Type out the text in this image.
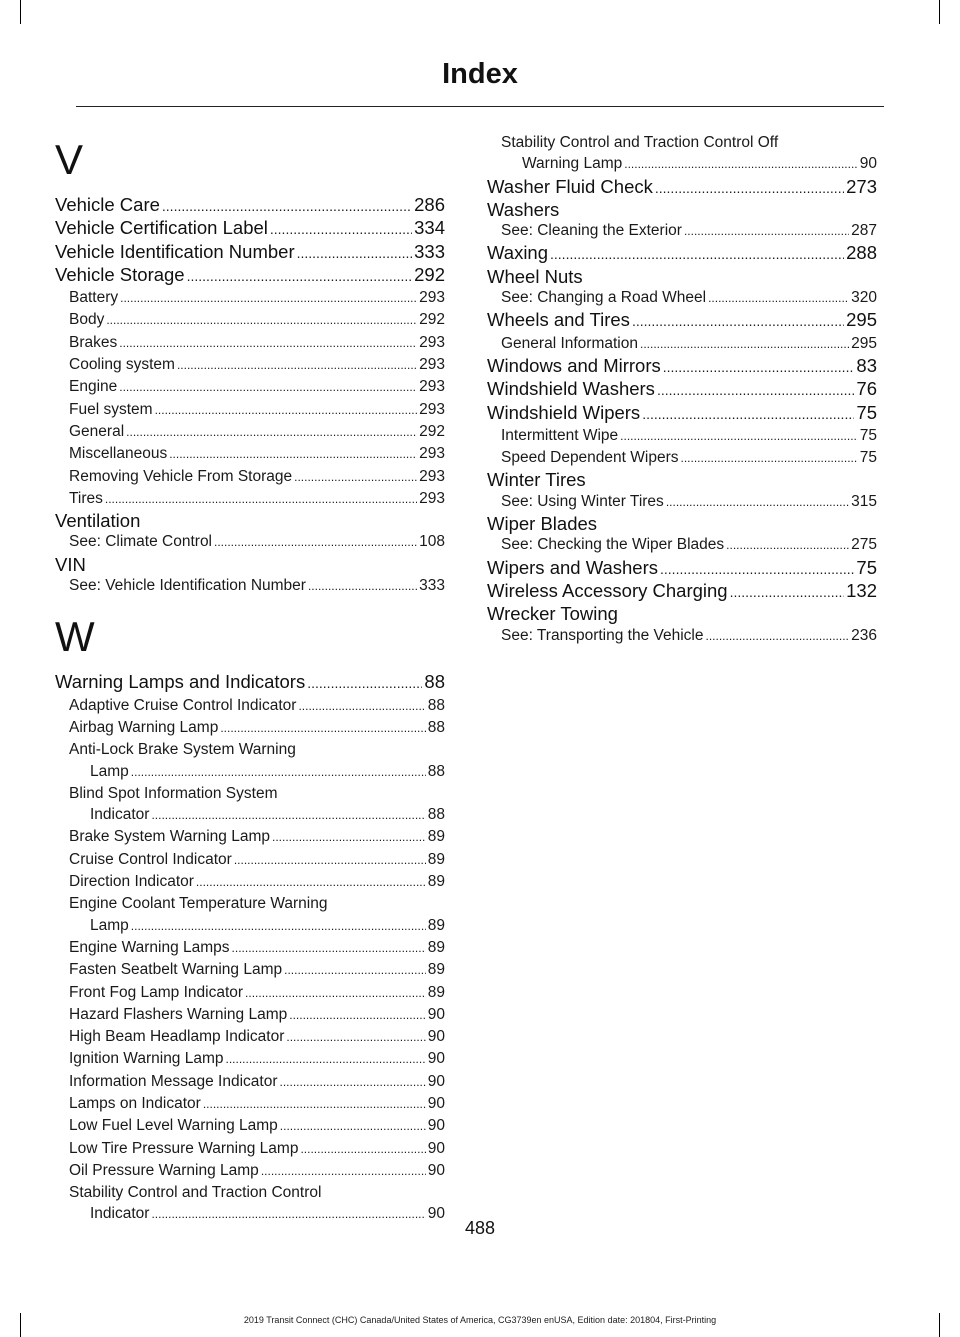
Index
V
Vehicle Care .....	286
Vehicle Certification Label .....	334
Vehicle Identification Number .....	333
Vehicle Storage .....	292
Battery .....	293
Body .....	292
Brakes .....	293
Cooling system .....	293
Engine .....	293
Fuel system .....	293
General .....	292
Miscellaneous .....	293
Removing Vehicle From Storage .....	293
Tires .....	293
Ventilation
See: Climate Control .....	108
VIN
See: Vehicle Identification Number .....	333
W
Warning Lamps and Indicators .....	88
Adaptive Cruise Control Indicator .....	88
Airbag Warning Lamp .....	88
Anti-Lock Brake System Warning
Lamp .....	88
Blind Spot Information System
Indicator .....	88
Brake System Warning Lamp .....	89
Cruise Control Indicator .....	89
Direction Indicator .....	89
Engine Coolant Temperature Warning
Lamp .....	89
Engine Warning Lamps .....	89
Fasten Seatbelt Warning Lamp .....	89
Front Fog Lamp Indicator .....	89
Hazard Flashers Warning Lamp .....	90
High Beam Headlamp Indicator .....	90
Ignition Warning Lamp .....	90
Information Message Indicator .....	90
Lamps on Indicator .....	90
Low Fuel Level Warning Lamp .....	90
Low Tire Pressure Warning Lamp .....	90
Oil Pressure Warning Lamp .....	90
Stability Control and Traction Control
Indicator .....	90
Stability Control and Traction Control Off
Warning Lamp .....	90
Washer Fluid Check .....	273
Washers
See: Cleaning the Exterior .....	287
Waxing .....	288
Wheel Nuts
See: Changing a Road Wheel .....	320
Wheels and Tires .....	295
General Information .....	295
Windows and Mirrors .....	83
Windshield Washers .....	76
Windshield Wipers .....	75
Intermittent Wipe .....	75
Speed Dependent Wipers .....	75
Winter Tires
See: Using Winter Tires .....	315
Wiper Blades
See: Checking the Wiper Blades .....	275
Wipers and Washers .....	75
Wireless Accessory Charging .....	132
Wrecker Towing
See: Transporting the Vehicle .....	236
488
2019 Transit Connect (CHC) Canada/United States of America, CG3739en enUSA, Edition date: 201804, First-Printing
